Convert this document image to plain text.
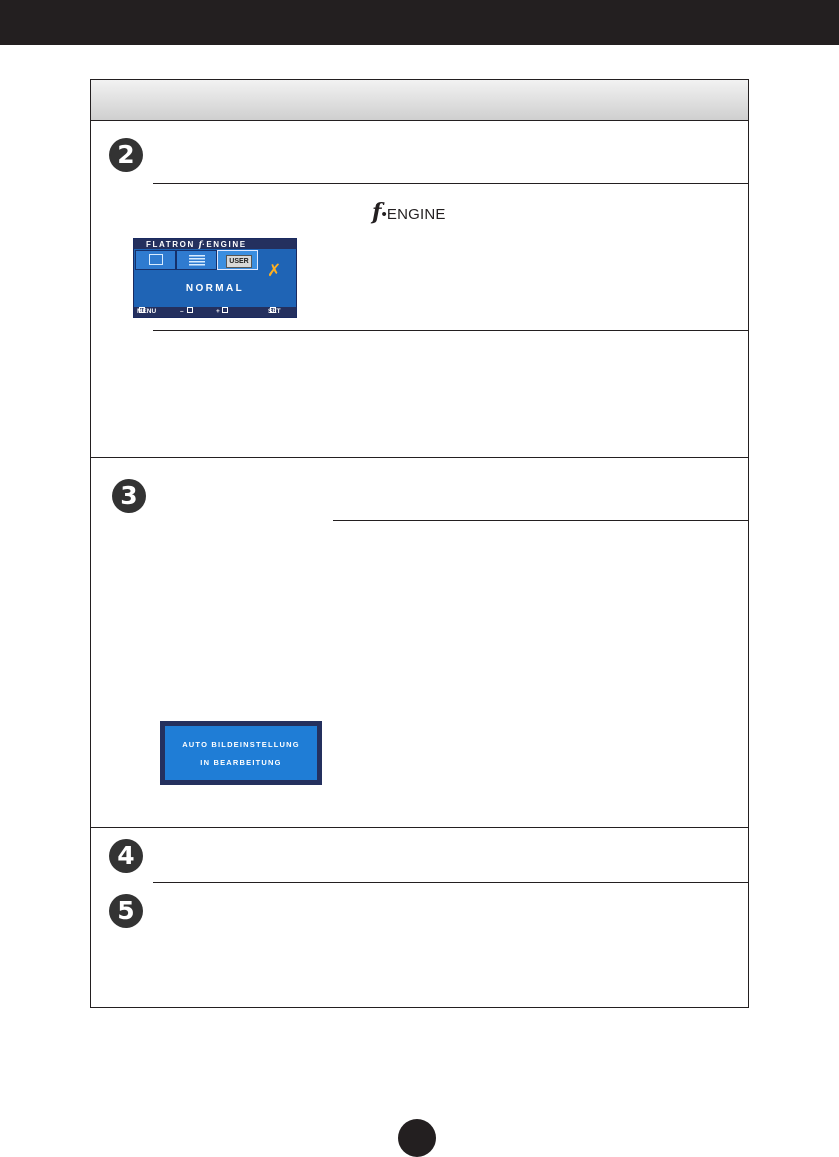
2
f•ENGINE
FLATRON f·ENGINE
USER ✗
NORMAL
MENU	–	+	SET
3
AUTO BILDEINSTELLUNG
IN BEARBEITUNG
4
5
